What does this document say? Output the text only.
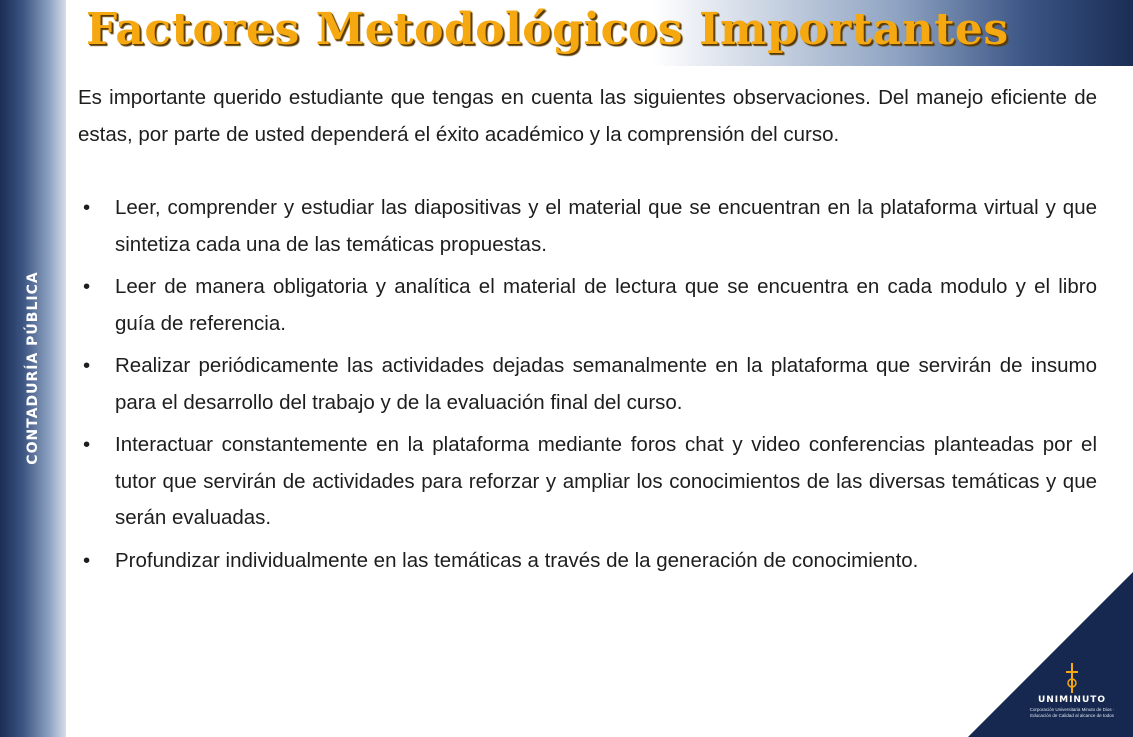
CONTADURÍA PÚBLICA
Factores Metodológicos Importantes

Es importante querido estudiante que tengas en cuenta las siguientes observaciones. Del manejo eficiente de estas, por parte de usted dependerá el éxito académico y la comprensión del curso.

• Leer, comprender y estudiar las diapositivas y el material que se encuentran en la plataforma virtual y que sintetiza cada una de las temáticas propuestas.
• Leer de manera obligatoria y analítica el material de lectura que se encuentra en cada modulo y el libro guía de referencia.
• Realizar periódicamente las actividades dejadas semanalmente en la plataforma que servirán de insumo para el desarrollo del trabajo y de la evaluación final del curso.
• Interactuar constantemente en la plataforma mediante foros chat y video conferencias planteadas por el tutor que servirán de actividades para reforzar y ampliar los conocimientos de las diversas temáticas y que serán evaluadas.
• Profundizar individualmente en las temáticas a través de la generación de conocimiento.
UNIMINUTO
Corporación Universitaria Minuto de Dios · Educación de Calidad al alcance de todos
